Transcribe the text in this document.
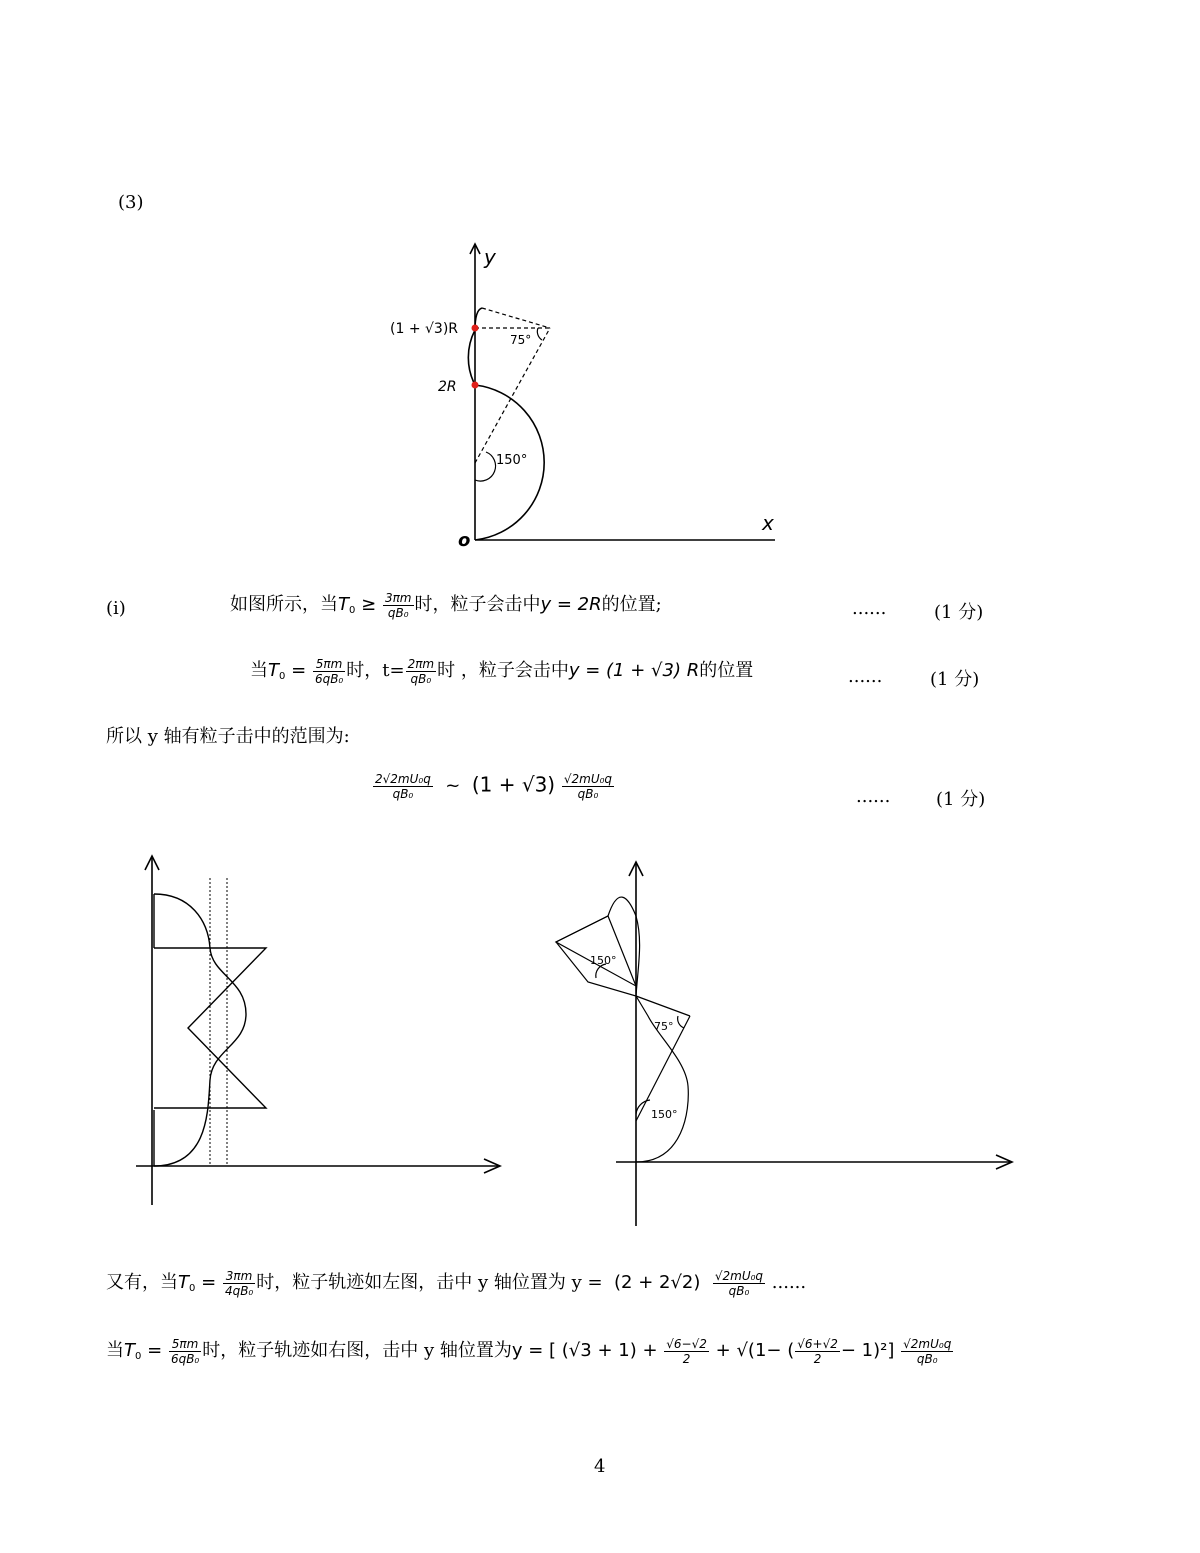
(3)
y
x
o
(1 + √3)R
2R
75°
150°
(i)	如图所示，当$T_0 \ge \frac{3\pi m}{\text{qB₀}}$ 时，粒子会击中y = 2R的位置;	......	(1 分)
当$T_0 = \frac{5\pi m}{\text{6qB₀}}$ 时，$t= \frac{2\pi m}{\text{qB₀}}$ 时 ，粒子会击中y = (1 + √3) R的位置	......	(1 分)
所以 y 轴有粒子击中的范围为:
$\frac{\text{2√2mU₀q}}{\text{qB₀}}$ ~ $(1 + √3) \frac{\text{√2mU₀q}}{\text{qB₀}}$	......	(1 分)
150°
75°
150°
又有，当$T_0 = \frac{3\pi m}{\text{4qB₀}}$ 时，粒子轨迹如左图，击中 y 轴位置为 $y = (2 + 2√2) \frac{\text{√2mU₀q}}{\text{qB₀}}$ ......
当$T_0 = \frac{5\pi m}{\text{6qB₀}}$ 时，粒子轨迹如右图，击中 y 轴位置为y = [ $(√3 + 1) + \frac{√6-√2}{2} + √(1-$ ( $\frac{√6+√2}{2} - 1)^2] \frac{\text{√2mU₀q}}{\text{qB₀}}$
4
